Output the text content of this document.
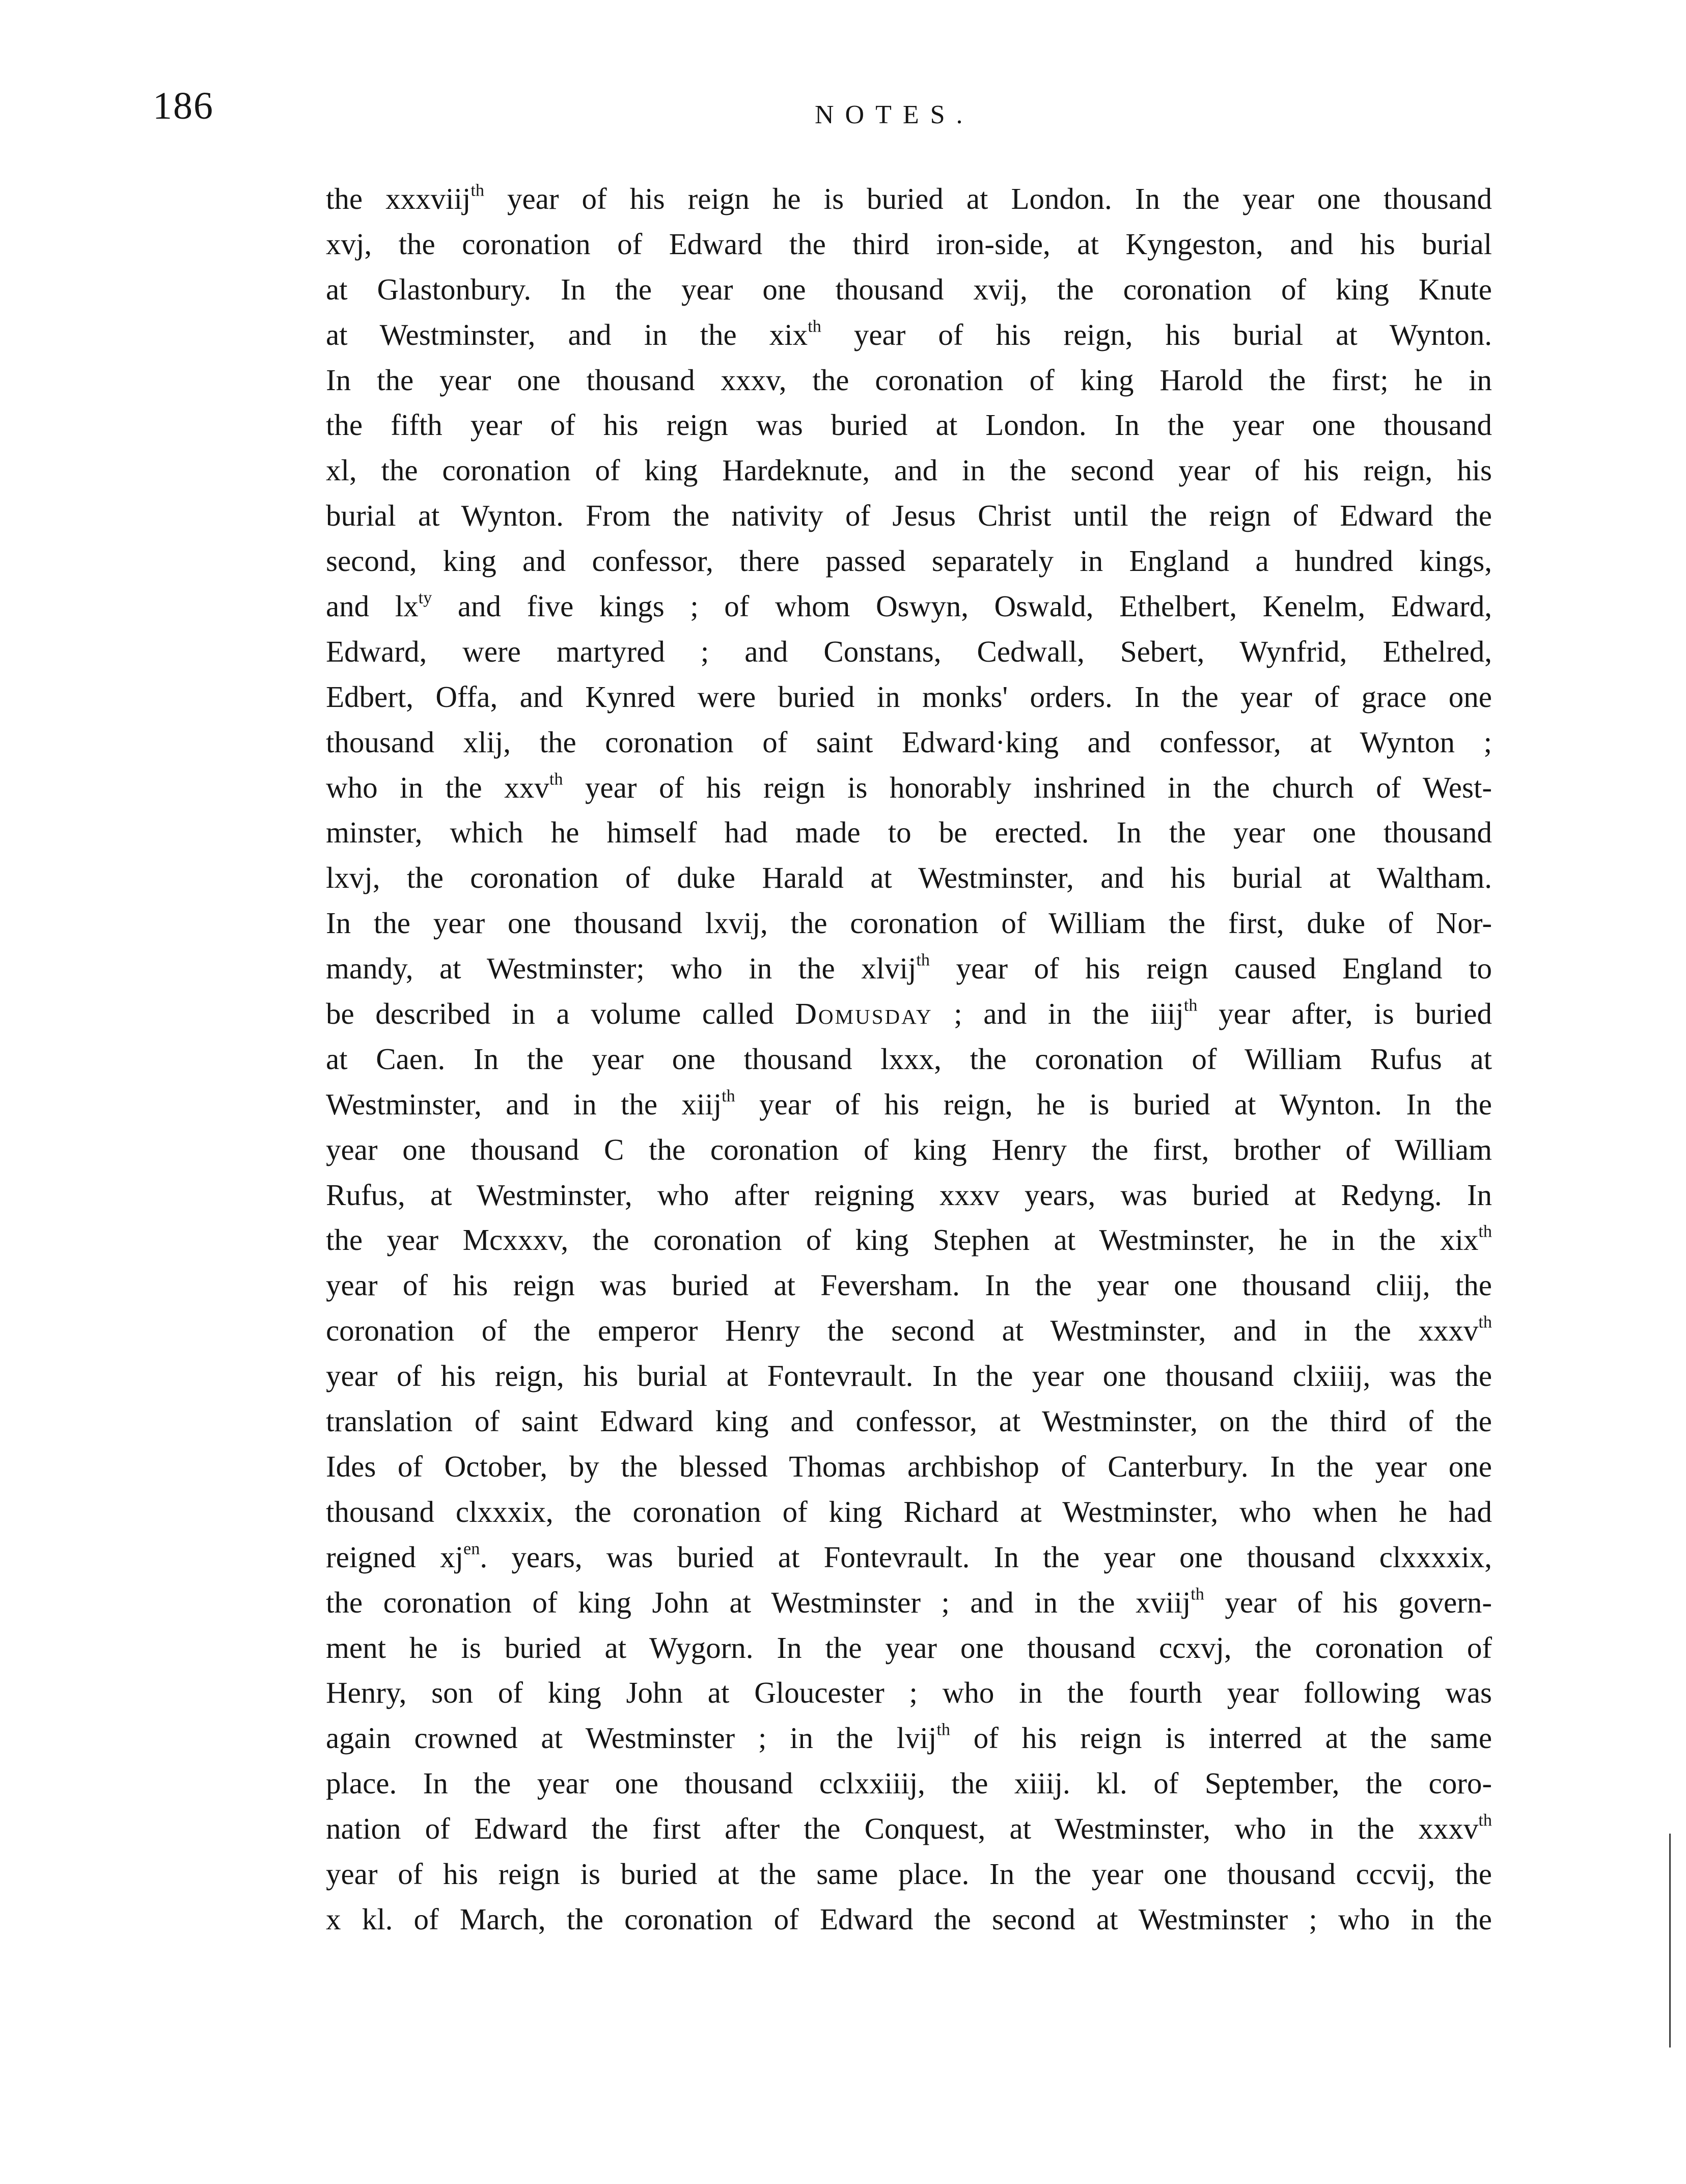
186	NOTES.
the xxxviij$^{th}$ year of his reign he is buried at London. In the year one thousand
xvj, the coronation of Edward the third iron-side, at Kyngeston, and his burial
at Glastonbury. In the year one thousand xvij, the coronation of king Knute
at Westminster, and in the xix$^{th}$ year of his reign, his burial at Wynton.
In the year one thousand xxxv, the coronation of king Harold the first; he in
the fifth year of his reign was buried at London. In the year one thousand
xl, the coronation of king Hardeknute, and in the second year of his reign, his
burial at Wynton. From the nativity of Jesus Christ until the reign of Edward the
second, king and confessor, there passed separately in England a hundred kings,
and $lx^{ty}$ and five kings ; of whom Oswyn, Oswald, Ethelbert, Kenelm, Edward,
Edward, were martyred ; and Constans, Cedwall, Sebert, Wynfrid, Ethelred,
Edbert, Offa, and Kynred were buried in monks' orders. In the year of grace one
thousand xlij, the coronation of saint Edward·king and confessor, at Wynton ;
who in the xxv$^{th}$ year of his reign is honorably inshrined in the church of West-
minster, which he himself had made to be erected. In the year one thousand
lxvj, the coronation of duke Harald at Westminster, and his burial at Waltham.
In the year one thousand lxvij, the coronation of William the first, duke of Nor-
mandy, at Westminster; who in the xlvij$^{th}$ year of his reign caused England to
be described in a volume called Domusday ; and in the iiij$^{th}$ year after, is buried
at Caen. In the year one thousand lxxx, the coronation of William Rufus at
Westminster, and in the xiij$^{th}$ year of his reign, he is buried at Wynton. In the
year one thousand C the coronation of king Henry the first, brother of William
Rufus, at Westminster, who after reigning xxxv years, was buried at Redyng. In
the year Mcxxxv, the coronation of king Stephen at Westminster, he in the xix$^{th}$
year of his reign was buried at Feversham. In the year one thousand cliij, the
coronation of the emperor Henry the second at Westminster, and in the xxxv$^{th}$
year of his reign, his burial at Fontevrault. In the year one thousand clxiiij, was the
translation of saint Edward king and confessor, at Westminster, on the third of the
Ides of October, by the blessed Thomas archbishop of Canterbury. In the year one
thousand clxxxix, the coronation of king Richard at Westminster, who when he had
reigned $xj^{en}$. years, was buried at Fontevrault. In the year one thousand clxxxxix,
the coronation of king John at Westminster ; and in the xviij$^{th}$ year of his govern-
ment he is buried at Wygorn. In the year one thousand ccxvj, the coronation of
Henry, son of king John at Gloucester ; who in the fourth year following was
again crowned at Westminster ; in the lvij$^{th}$ of his reign is interred at the same
place. In the year one thousand cclxxiiij, the xiiij. kl. of September, the coro-
nation of Edward the first after the Conquest, at Westminster, who in the xxxv$^{th}$
year of his reign is buried at the same place. In the year one thousand cccvij, the
x kl. of March, the coronation of Edward the second at Westminster ; who in the
